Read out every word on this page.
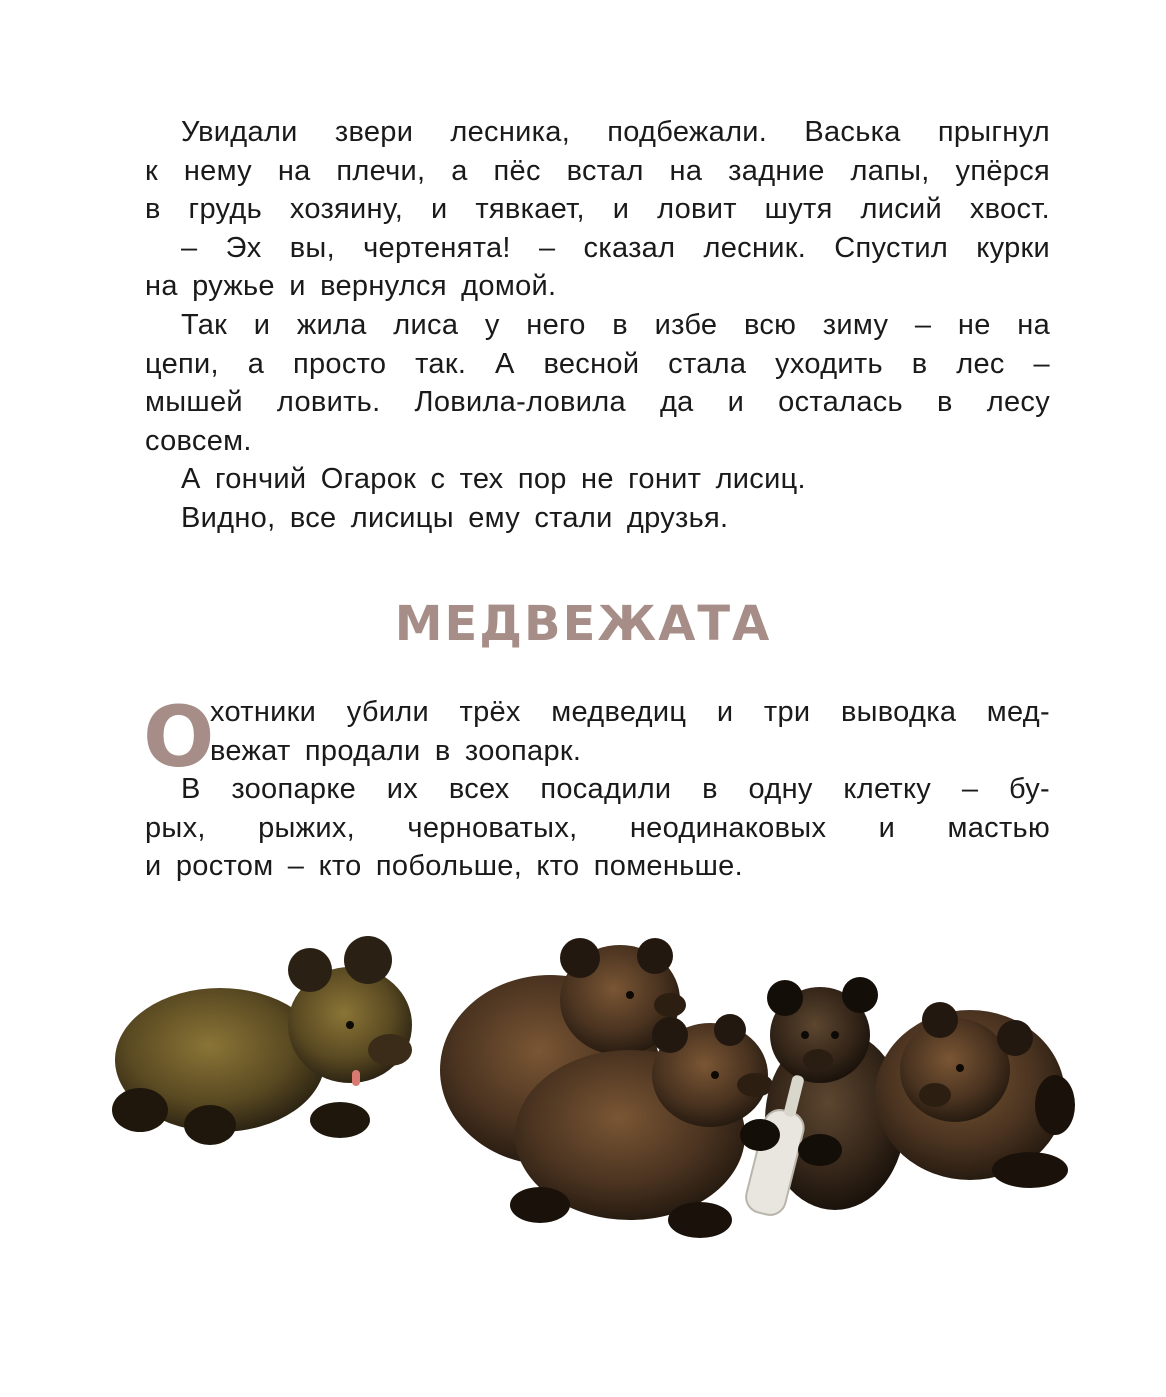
Увидали звери лесника, подбежали. Васька прыгнул
к нему на плечи, а пёс встал на задние лапы, упёрся
в грудь хозяину, и тявкает, и ловит шутя лисий хвост.

– Эх вы, чертенята! – сказал лесник. Спустил курки
на ружье и вернулся домой.

Так и жила лиса у него в избе всю зиму – не на
цепи, а просто так. А весной стала уходить в лес –
мышей ловить. Ловила-ловила да и осталась в лесу
совсем.

А гончий Огарок с тех пор не гонит лисиц.

Видно, все лисицы ему стали друзья.

МЕДВЕЖАТА
О

хотники убили трёх медведиц и три выводка мед-
вежат продали в зоопарк.

В зоопарке их всех посадили в одну клетку – бу-
рых, рыжих, черноватых, неодинаковых и мастью
и ростом – кто побольше, кто поменьше.
